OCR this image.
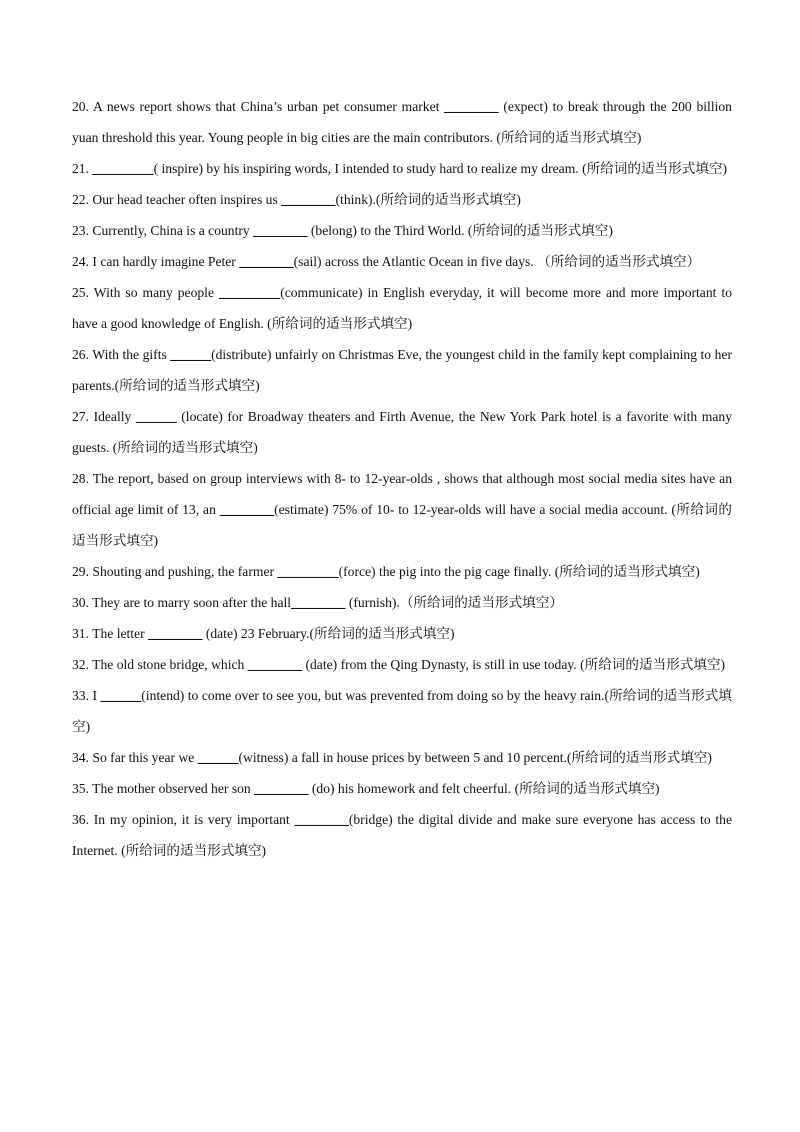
20. A news report shows that China’s urban pet consumer market ________ (expect) to break through the 200 billion yuan threshold this year. Young people in big cities are the main contributors. (所给词的适当形式填空)

21. _________( inspire) by his inspiring words, I intended to study hard to realize my dream. (所给词的适当形式填空)

22. Our head teacher often inspires us ________(think).(所给词的适当形式填空)

23. Currently, China is a country ________ (belong) to the Third World. (所给词的适当形式填空)

24. I can hardly imagine Peter ________(sail) across the Atlantic Ocean in five days. （所给词的适当形式填空）

25. With so many people _________(communicate) in English everyday, it will become more and more important to have a good knowledge of English. (所给词的适当形式填空)

26. With the gifts ______(distribute) unfairly on Christmas Eve, the youngest child in the family kept complaining to her parents.(所给词的适当形式填空)

27. Ideally ______ (locate) for Broadway theaters and Firth Avenue, the New York Park hotel is a favorite with many guests. (所给词的适当形式填空)

28. The report, based on group interviews with 8- to 12-year-olds , shows that although most social media sites have an official age limit of 13, an ________(estimate) 75% of 10- to 12-year-olds will have a social media account. (所给词的适当形式填空)

29. Shouting and pushing, the farmer _________(force) the pig into the pig cage finally. (所给词的适当形式填空)

30. They are to marry soon after the hall________ (furnish).（所给词的适当形式填空）

31. The letter ________ (date) 23 February.(所给词的适当形式填空)

32. The old stone bridge, which ________ (date) from the Qing Dynasty, is still in use today. (所给词的适当形式填空)

33. I ______(intend) to come over to see you, but was prevented from doing so by the heavy rain.(所给词的适当形式填空)

34. So far this year we ______(witness) a fall in house prices by between 5 and 10 percent.(所给词的适当形式填空)

35. The mother observed her son ________ (do) his homework and felt cheerful. (所给词的适当形式填空)

36. In my opinion, it is very important ________(bridge) the digital divide and make sure everyone has access to the Internet. (所给词的适当形式填空)
